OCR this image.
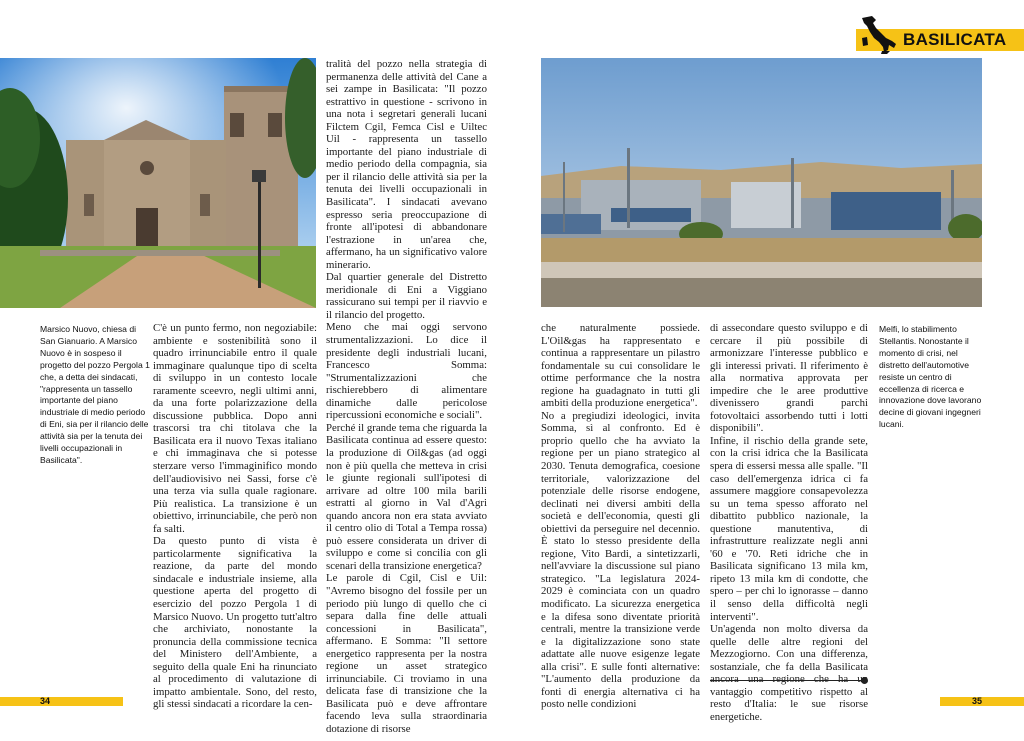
Marsico Nuovo, chiesa di San Gianuario. A Marsico Nuovo è in sospeso il progetto del pozzo Pergola 1 che, a detta dei sindacati, "rappresenta un tassello importante del piano industriale di medio periodo di Eni, sia per il rilancio delle attività sia per la tenuta dei livelli occupazionali in Basilicata".

C'è un punto fermo, non negoziabile: ambiente e sostenibilità sono il quadro irrinunciabile entro il quale immaginare qualunque tipo di scelta di sviluppo in un contesto locale raramente sceevro, negli ultimi anni, da una forte polarizzazione della discussione pubblica. Dopo anni trascorsi tra chi titolava che la Basilicata era il nuovo Texas italiano e chi immaginava che si potesse sterzare verso l'immaginifico mondo dell'audiovisivo nei Sassi, forse c'è una terza via sulla quale ragionare. Più realistica. La transizione è un obiettivo, irrinunciabile, che però non fa salti.

Da questo punto di vista è particolarmente significativa la reazione, da parte del mondo sindacale e industriale insieme, alla questione aperta del progetto di esercizio del pozzo Pergola 1 di Marsico Nuovo. Un progetto tutt'altro che archiviato, nonostante la pronuncia della commissione tecnica del Ministero dell'Ambiente, a seguito della quale Eni ha rinunciato al procedimento di valutazione di impatto ambientale. Sono, del resto, gli stessi sindacati a ricordare la cen-

tralità del pozzo nella strategia di permanenza delle attività del Cane a sei zampe in Basilicata: "Il pozzo estrattivo in questione - scrivono in una nota i segretari generali lucani Filctem Cgil, Femca Cisl e Uiltec Uil - rappresenta un tassello importante del piano industriale di medio periodo della compagnia, sia per il rilancio delle attività sia per la tenuta dei livelli occupazionali in Basilicata". I sindacati avevano espresso seria preoccupazione di fronte all'ipotesi di abbandonare l'estrazione in un'area che, affermano, ha un significativo valore minerario.

Dal quartier generale del Distretto meridionale di Eni a Viggiano rassicurano sui tempi per il riavvio e il rilancio del progetto.

Meno che mai oggi servono strumentalizzazioni. Lo dice il presidente degli industriali lucani, Francesco Somma: "Strumentalizzazioni che rischierebbero di alimentare dinamiche dalle pericolose ripercussioni economiche e sociali".

Perché il grande tema che riguarda la Basilicata continua ad essere questo: la produzione di Oil&gas (ad oggi non è più quella che metteva in crisi le giunte regionali sull'ipotesi di arrivare ad oltre 100 mila barili estratti al giorno in Val d'Agri quando ancora non era stata avviato il centro olio di Total a Tempa rossa) può essere considerata un driver di sviluppo e come si concilia con gli scenari della transizione energetica?

Le parole di Cgil, Cisl e Uil: "Avremo bisogno del fossile per un periodo più lungo di quello che ci separa dalla fine delle attuali concessioni in Basilicata", affermano. E Somma: "Il settore energetico rappresenta per la nostra regione un asset strategico irrinunciabile. Ci troviamo in una delicata fase di transizione che la Basilicata può e deve affrontare facendo leva sulla straordinaria dotazione di risorse

34
BASILICATA

che naturalmente possiede. L'Oil&gas ha rappresentato e continua a rappresentare un pilastro fondamentale su cui consolidare le ottime performance che la nostra regione ha guadagnato in tutti gli ambiti della produzione energetica".

No a pregiudizi ideologici, invita Somma, sì al confronto. Ed è proprio quello che ha avviato la regione per un piano strategico al 2030. Tenuta demografica, coesione territoriale, valorizzazione del potenziale delle risorse endogene, declinati nei diversi ambiti della società e dell'economia, questi gli obiettivi da perseguire nel decennio. È stato lo stesso presidente della regione, Vito Bardi, a sintetizzarli, nell'avviare la discussione sul piano strategico. "La legislatura 2024-2029 è cominciata con un quadro modificato. La sicurezza energetica e la difesa sono diventate priorità centrali, mentre la transizione verde e la digitalizzazione sono state adattate alle nuove esigenze legate alla crisi". E sulle fonti alternative: "L'aumento della produzione da fonti di energia alternativa ci ha posto nelle condizioni

di assecondare questo sviluppo e di cercare il più possibile di armonizzare l'interesse pubblico e gli interessi privati. Il riferimento è alla normativa approvata per impedire che le aree produttive divenissero grandi parchi fotovoltaici assorbendo tutti i lotti disponibili".

Infine, il rischio della grande sete, con la crisi idrica che la Basilicata spera di essersi messa alle spalle. "Il caso dell'emergenza idrica ci fa assumere maggiore consapevolezza su un tema spesso afforato nel dibattito pubblico nazionale, la questione manutentiva, di infrastrutture realizzate negli anni '60 e '70. Reti idriche che in Basilicata significano 13 mila km, ripeto 13 mila km di condotte, che spero – per chi lo ignorasse – danno il senso della difficoltà negli interventi".

Un'agenda non molto diversa da quelle delle altre regioni del Mezzogiorno. Con una differenza, sostanziale, che fa della Basilicata vantaggio competitivo rispetto al resto d'Italia: le sue risorse energetiche.

Melfi, lo stabilimento Stellantis. Nonostante il momento di crisi, nel distretto dell'automotive resiste un centro di eccellenza di ricerca e innovazione dove lavorano decine di giovani ingegneri lucani.

35
